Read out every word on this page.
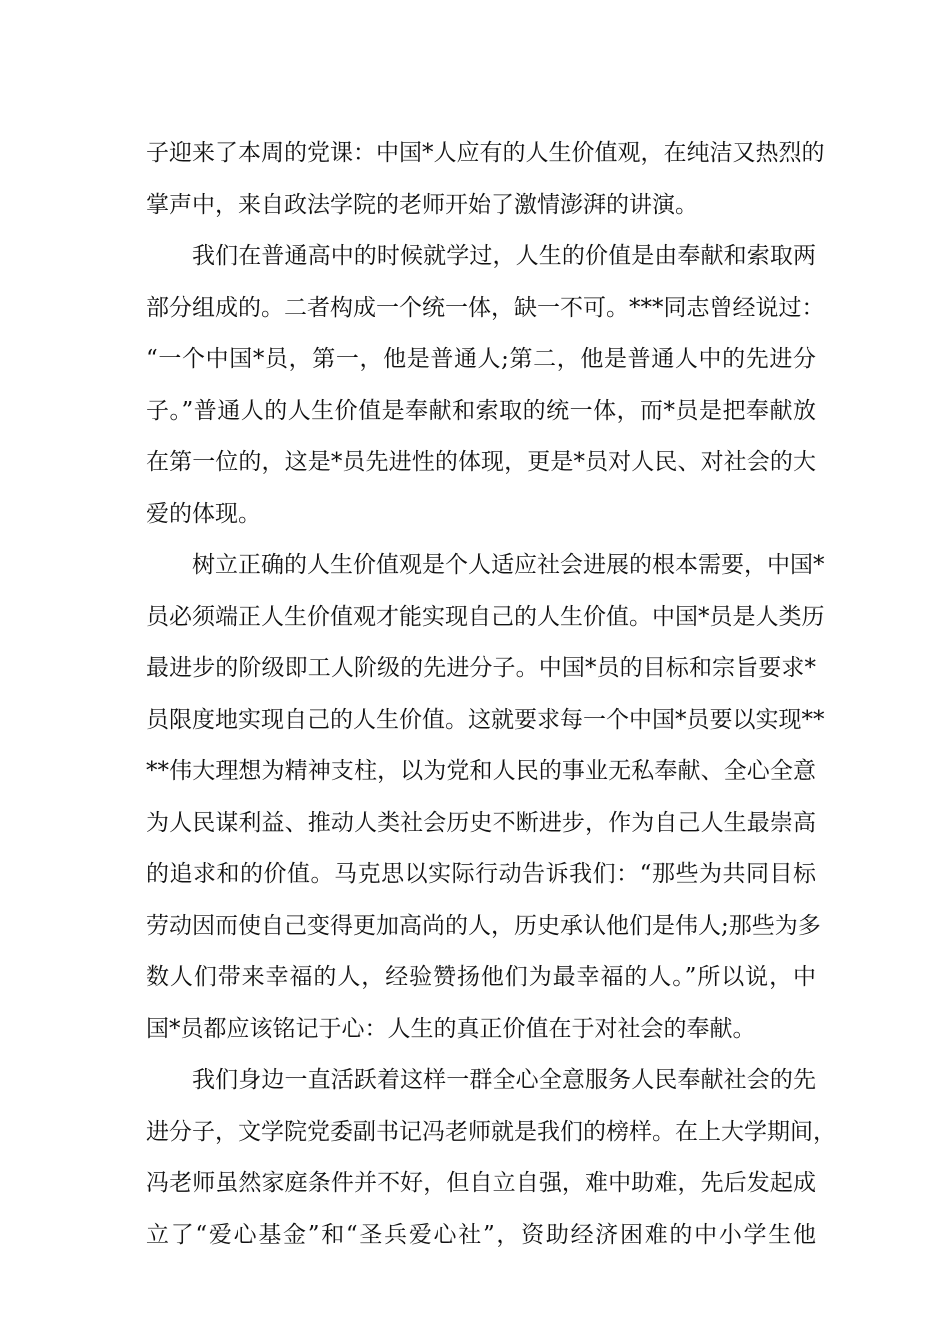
子迎来了本周的党课：中国*人应有的人生价值观，在纯洁又热烈的
掌声中，来自政法学院的老师开始了激情澎湃的讲演。
我们在普通高中的时候就学过，人生的价值是由奉献和索取两
部分组成的。二者构成一个统一体，缺一不可。***同志曾经说过：
“一个中国*员，第一，他是普通人;第二，他是普通人中的先进分
子。”普通人的人生价值是奉献和索取的统一体，而*员是把奉献放
在第一位的，这是*员先进性的体现，更是*员对人民、对社会的大
爱的体现。
树立正确的人生价值观是个人适应社会进展的根本需要，中国*
员必须端正人生价值观才能实现自己的人生价值。中国*员是人类历
最进步的阶级即工人阶级的先进分子。中国*员的目标和宗旨要求*
员限度地实现自己的人生价值。这就要求每一个中国*员要以实现**
**伟大理想为精神支柱，以为党和人民的事业无私奉献、全心全意
为人民谋利益、推动人类社会历史不断进步，作为自己人生最崇高
的追求和的价值。马克思以实际行动告诉我们：“那些为共同目标
劳动因而使自己变得更加高尚的人，历史承认他们是伟人;那些为多
数人们带来幸福的人，经验赞扬他们为最幸福的人。”所以说，中
国*员都应该铭记于心：人生的真正价值在于对社会的奉献。
我们身边一直活跃着这样一群全心全意服务人民奉献社会的先
进分子，文学院党委副书记冯老师就是我们的榜样。在上大学期间，
冯老师虽然家庭条件并不好，但自立自强，难中助难，先后发起成
立了“爱心基金”和“圣兵爱心社”，资助经济困难的中小学生他
